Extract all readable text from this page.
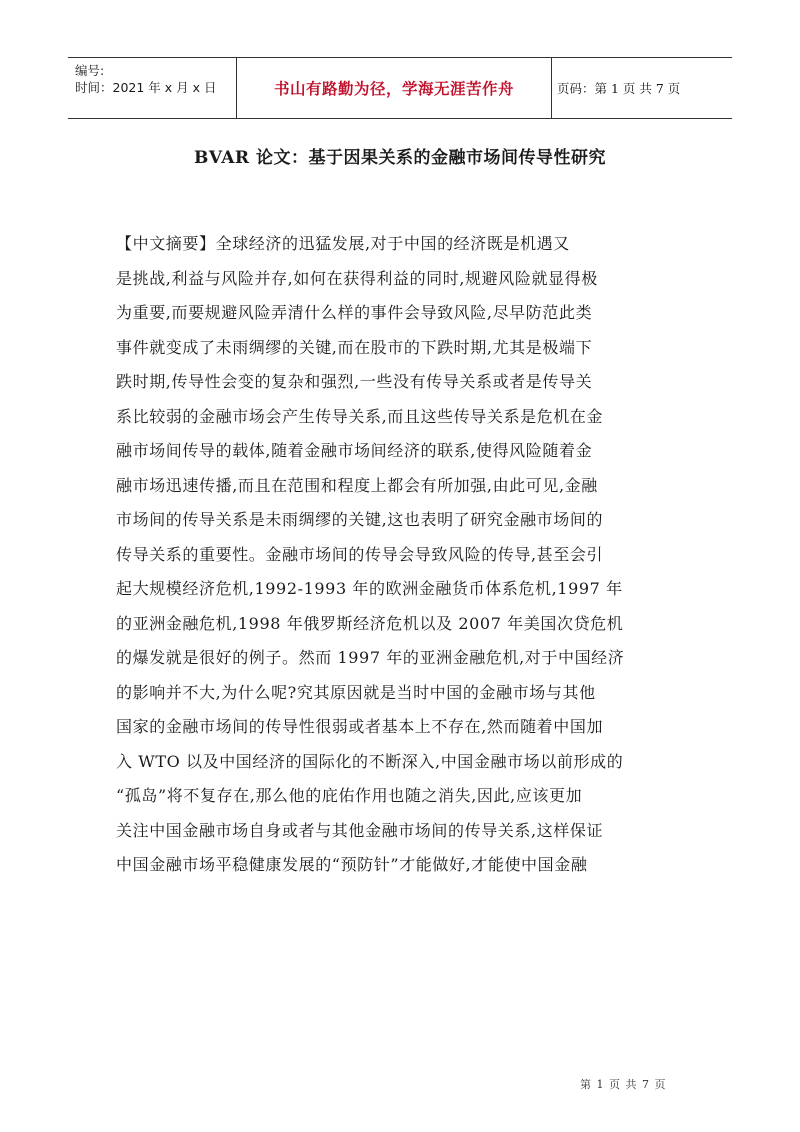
编号:
时间：2021 年 x 月 x 日	书山有路勤为径，学海无涯苦作舟	页码：第 1 页 共 7 页
BVAR 论文：基于因果关系的金融市场间传导性研究
【中文摘要】全球经济的迅猛发展,对于中国的经济既是机遇又
是挑战,利益与风险并存,如何在获得利益的同时,规避风险就显得极
为重要,而要规避风险弄清什么样的事件会导致风险,尽早防范此类
事件就变成了未雨绸缪的关键,而在股市的下跌时期,尤其是极端下
跌时期,传导性会变的复杂和强烈,一些没有传导关系或者是传导关
系比较弱的金融市场会产生传导关系,而且这些传导关系是危机在金
融市场间传导的载体,随着金融市场间经济的联系,使得风险随着金
融市场迅速传播,而且在范围和程度上都会有所加强,由此可见,金融
市场间的传导关系是未雨绸缪的关键,这也表明了研究金融市场间的
传导关系的重要性。金融市场间的传导会导致风险的传导,甚至会引
起大规模经济危机,1992-1993 年的欧洲金融货币体系危机,1997 年
的亚洲金融危机,1998 年俄罗斯经济危机以及 2007 年美国次贷危机
的爆发就是很好的例子。然而 1997 年的亚洲金融危机,对于中国经济
的影响并不大,为什么呢?究其原因就是当时中国的金融市场与其他
国家的金融市场间的传导性很弱或者基本上不存在,然而随着中国加
入 WTO 以及中国经济的国际化的不断深入,中国金融市场以前形成的
“孤岛”将不复存在,那么他的庇佑作用也随之消失,因此,应该更加
关注中国金融市场自身或者与其他金融市场间的传导关系,这样保证
中国金融市场平稳健康发展的“预防针”才能做好,才能使中国金融
第 1 页 共 7 页
